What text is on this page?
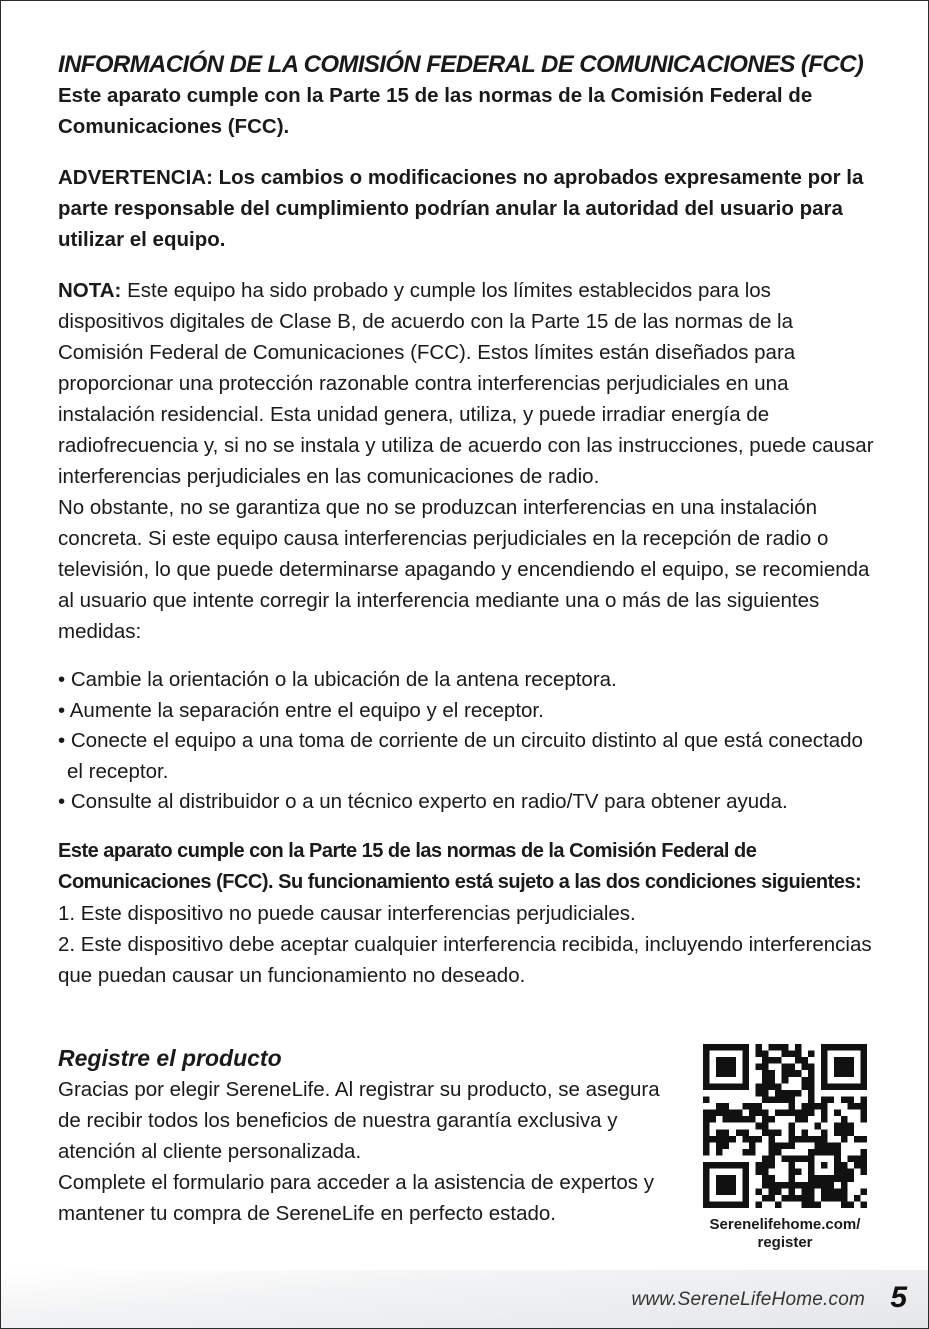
INFORMACIÓN DE LA COMISIÓN FEDERAL DE COMUNICACIONES (FCC)

Este aparato cumple con la Parte 15 de las normas de la Comisión Federal de Comunicaciones (FCC).

ADVERTENCIA: Los cambios o modificaciones no aprobados expresamente por la parte responsable del cumplimiento podrían anular la autoridad del usuario para utilizar el equipo.

NOTA: Este equipo ha sido probado y cumple los límites establecidos para los dispositivos digitales de Clase B, de acuerdo con la Parte 15 de las normas de la Comisión Federal de Comunicaciones (FCC). Estos límites están diseñados para proporcionar una protección razonable contra interferencias perjudiciales en una instalación residencial. Esta unidad genera, utiliza, y puede irradiar energía de radiofrecuencia y, si no se instala y utiliza de acuerdo con las instrucciones, puede causar interferencias perjudiciales en las comunicaciones de radio.

No obstante, no se garantiza que no se produzcan interferencias en una instalación concreta. Si este equipo causa interferencias perjudiciales en la recepción de radio o televisión, lo que puede determinarse apagando y encendiendo el equipo, se recomienda al usuario que intente corregir la interferencia mediante una o más de las siguientes medidas:

• Cambie la orientación o la ubicación de la antena receptora.
• Aumente la separación entre el equipo y el receptor.
• Conecte el equipo a una toma de corriente de un circuito distinto al que está conectado el receptor.
• Consulte al distribuidor o a un técnico experto en radio/TV para obtener ayuda.

Este aparato cumple con la Parte 15 de las normas de la Comisión Federal de Comunicaciones (FCC). Su funcionamiento está sujeto a las dos condiciones siguientes:

1. Este dispositivo no puede causar interferencias perjudiciales.

2. Este dispositivo debe aceptar cualquier interferencia recibida, incluyendo interferencias que puedan causar un funcionamiento no deseado.

Registre el producto

Gracias por elegir SereneLife. Al registrar su producto, se asegura de recibir todos los beneficios de nuestra garantía exclusiva y atención al cliente personalizada.

Complete el formulario para acceder a la asistencia de expertos y mantener tu compra de SereneLife en perfecto estado.	Serenelifehome.com/ register
www.SereneLifeHome.com 5
